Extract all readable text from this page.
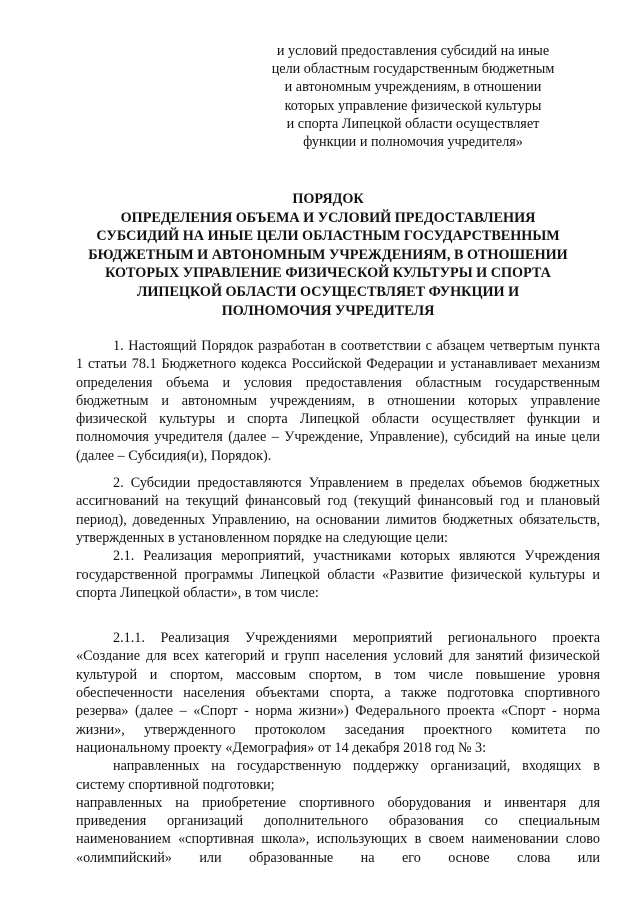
и условий предоставления субсидий на иные
цели областным государственным бюджетным
и автономным учреждениям, в отношении
которых управление физической культуры
и спорта Липецкой области осуществляет
функции и полномочия учредителя»
ПОРЯДОК
ОПРЕДЕЛЕНИЯ ОБЪЕМА И УСЛОВИЙ ПРЕДОСТАВЛЕНИЯ
СУБСИДИЙ НА ИНЫЕ ЦЕЛИ ОБЛАСТНЫМ ГОСУДАРСТВЕННЫМ
БЮДЖЕТНЫМ И АВТОНОМНЫМ УЧРЕЖДЕНИЯМ, В ОТНОШЕНИИ
КОТОРЫХ УПРАВЛЕНИЕ ФИЗИЧЕСКОЙ КУЛЬТУРЫ И СПОРТА
ЛИПЕЦКОЙ ОБЛАСТИ ОСУЩЕСТВЛЯЕТ ФУНКЦИИ И
ПОЛНОМОЧИЯ УЧРЕДИТЕЛЯ
1. Настоящий Порядок разработан в соответствии с абзацем четвертым пункта 1 статьи 78.1 Бюджетного кодекса Российской Федерации и устанавливает механизм определения объема и условия предоставления областным государственным бюджетным и автономным учреждениям, в отношении которых управление физической культуры и спорта Липецкой области осуществляет функции и полномочия учредителя (далее – Учреждение, Управление), субсидий на иные цели (далее – Субсидия(и), Порядок).
2. Субсидии предоставляются Управлением в пределах объемов бюджетных ассигнований на текущий финансовый год (текущий финансовый год и плановый период), доведенных Управлению, на основании лимитов бюджетных обязательств, утвержденных в установленном порядке на следующие цели:
2.1. Реализация мероприятий, участниками которых являются Учреждения государственной программы Липецкой области «Развитие физической культуры и спорта Липецкой области», в том числе:
2.1.1. Реализация Учреждениями мероприятий регионального проекта «Создание для всех категорий и групп населения условий для занятий физической культурой и спортом, массовым спортом, в том числе повышение уровня обеспеченности населения объектами спорта, а также подготовка спортивного резерва» (далее – «Спорт - норма жизни») Федерального проекта «Спорт - норма жизни», утвержденного протоколом заседания проектного комитета по национальному проекту «Демография» от 14 декабря 2018 год № 3:
направленных на государственную поддержку организаций, входящих в систему спортивной подготовки;
направленных на приобретение спортивного оборудования и инвентаря для приведения организаций дополнительного образования со специальным наименованием «спортивная школа», использующих в своем наименовании слово «олимпийский» или образованные на его основе слова или
